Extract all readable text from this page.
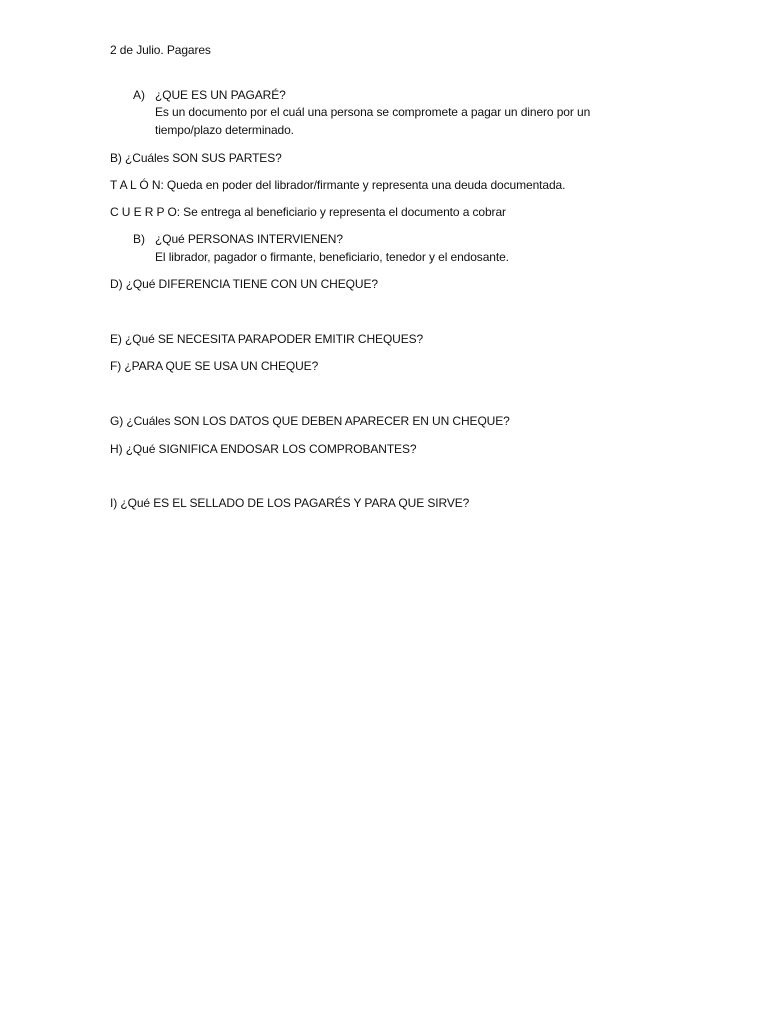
2 de Julio. Pagares
A) ¿QUE ES UN PAGARÉ?
Es un documento por el cuál una persona se compromete a pagar un dinero por un
tiempo/plazo determinado.
B) ¿Cuáles SON SUS PARTES?
T A L Ó N: Queda en poder del librador/firmante y representa una deuda documentada.
C U E R P O: Se entrega al beneficiario y representa el documento a cobrar
B) ¿Qué PERSONAS INTERVIENEN?
El librador, pagador o firmante, beneficiario, tenedor y el endosante.
D) ¿Qué DIFERENCIA TIENE CON UN CHEQUE?
E) ¿Qué SE NECESITA PARAPODER EMITIR CHEQUES?
F) ¿PARA QUE SE USA UN CHEQUE?
G) ¿Cuáles SON LOS DATOS QUE DEBEN APARECER EN UN CHEQUE?
H) ¿Qué SIGNIFICA ENDOSAR LOS COMPROBANTES?
I) ¿Qué ES EL SELLADO DE LOS PAGARÉS Y PARA QUE SIRVE?
